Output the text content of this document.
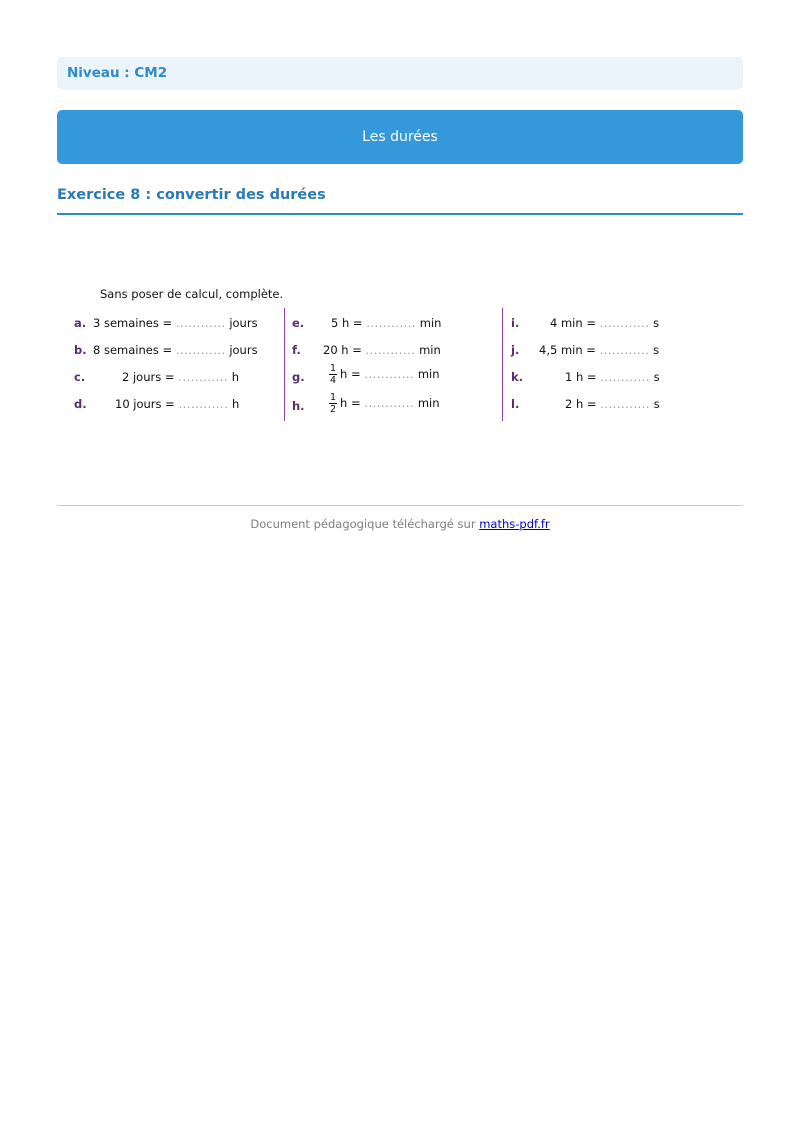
Niveau : CM2
Les durées
Exercice 8 : convertir des durées
Sans poser de calcul, complète.
a. 3 semaines = ............ jours
b. 8 semaines = ............ jours
c.	2 jours = ............ h
d. 10 jours = ............ h
e. 5 h = ............ min
f. 20 h = ............ min
g.	$\frac{1}{4}$ h = ............ min
h.	$\frac{1}{2}$ h = ............ min
i.	4 min = ............ s
j. 4,5 min = ............ s
k.	1 h = ............ s
l.	2 h = ............ s
Document pédagogique téléchargé sur maths-pdf.fr
